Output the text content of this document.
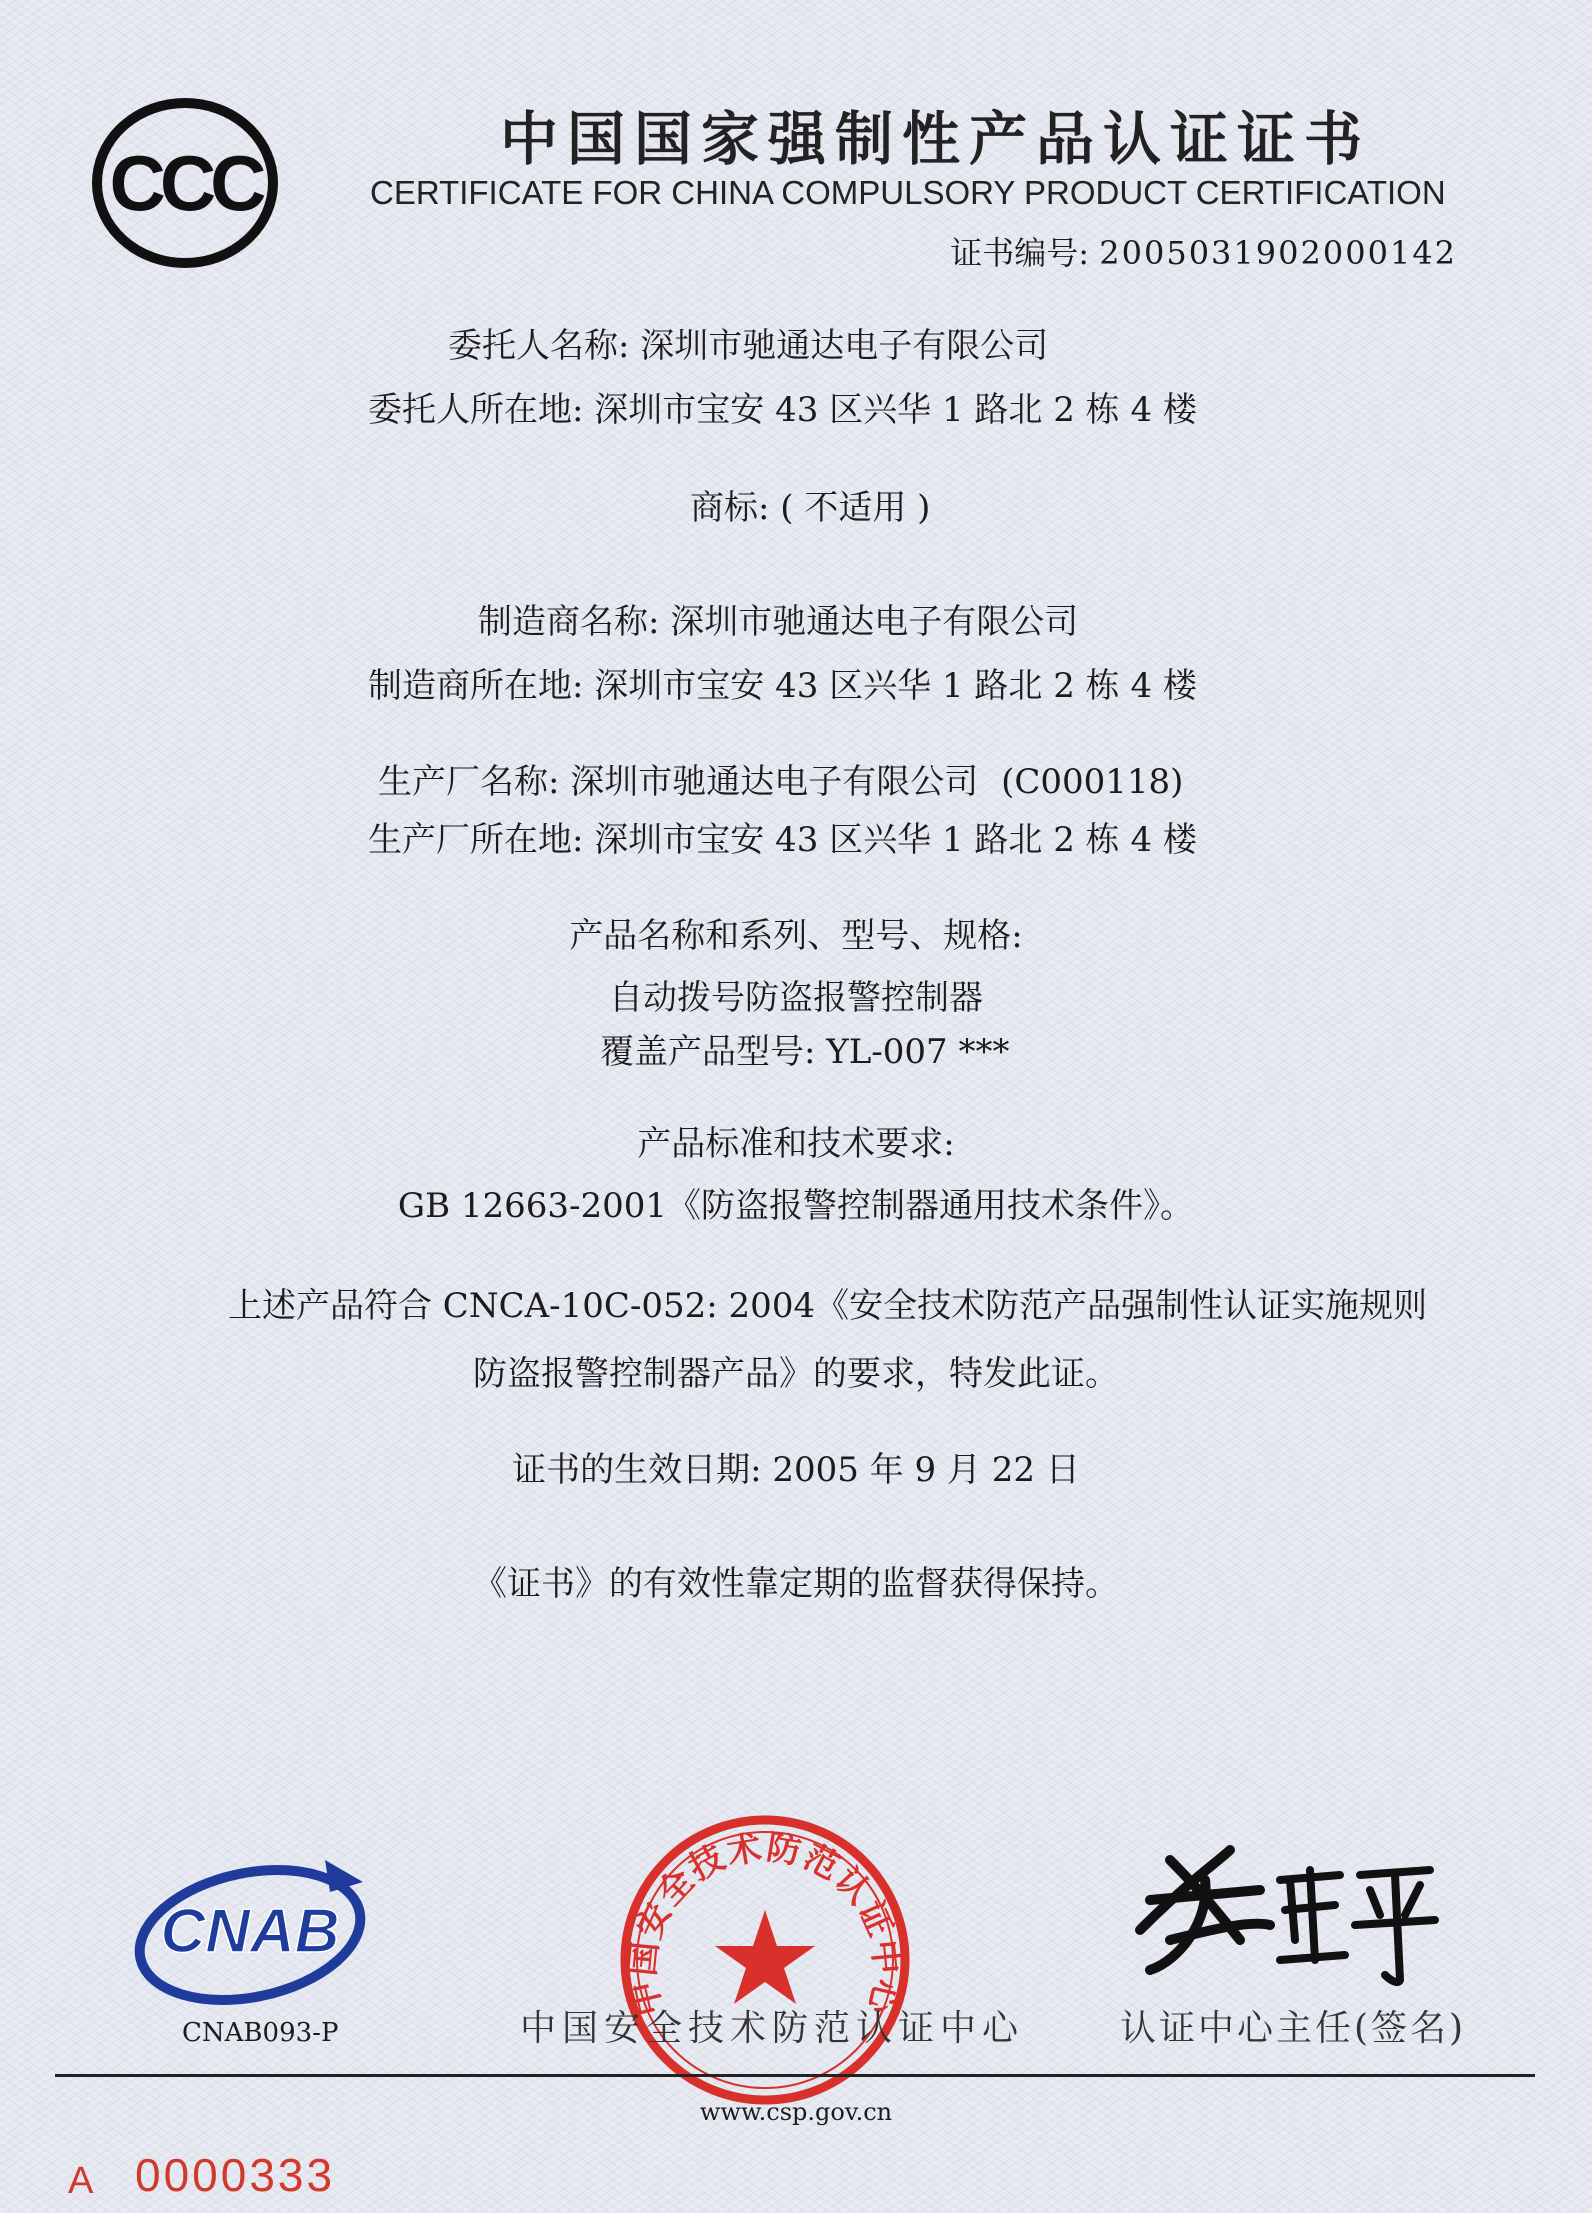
CCC	中国国家强制性产品认证证书
CERTIFICATE FOR CHINA COMPULSORY PRODUCT CERTIFICATION
证书编号: 2005031902000142
委托人名称: 深圳市驰通达电子有限公司
委托人所在地: 深圳市宝安 43 区兴华 1 路北 2 栋 4 楼
商标: ( 不适用 )
制造商名称: 深圳市驰通达电子有限公司
制造商所在地: 深圳市宝安 43 区兴华 1 路北 2 栋 4 楼
生产厂名称: 深圳市驰通达电子有限公司 (C000118)
生产厂所在地: 深圳市宝安 43 区兴华 1 路北 2 栋 4 楼
产品名称和系列、型号、规格:
自动拨号防盗报警控制器
覆盖产品型号: YL-007 ***
产品标准和技术要求:
GB 12663-2001《防盗报警控制器通用技术条件》。
上述产品符合 CNCA-10C-052: 2004《安全技术防范产品强制性认证实施规则
防盗报警控制器产品》的要求，特发此证。
证书的生效日期: 2005 年 9 月 22 日
《证书》的有效性靠定期的监督获得保持。
CNAB
CNAB093-P
中国安全技术防范认证中心
中国安全技术防范认证中心	认证中心主任(签名)
www.csp.gov.cn
A 0000333
